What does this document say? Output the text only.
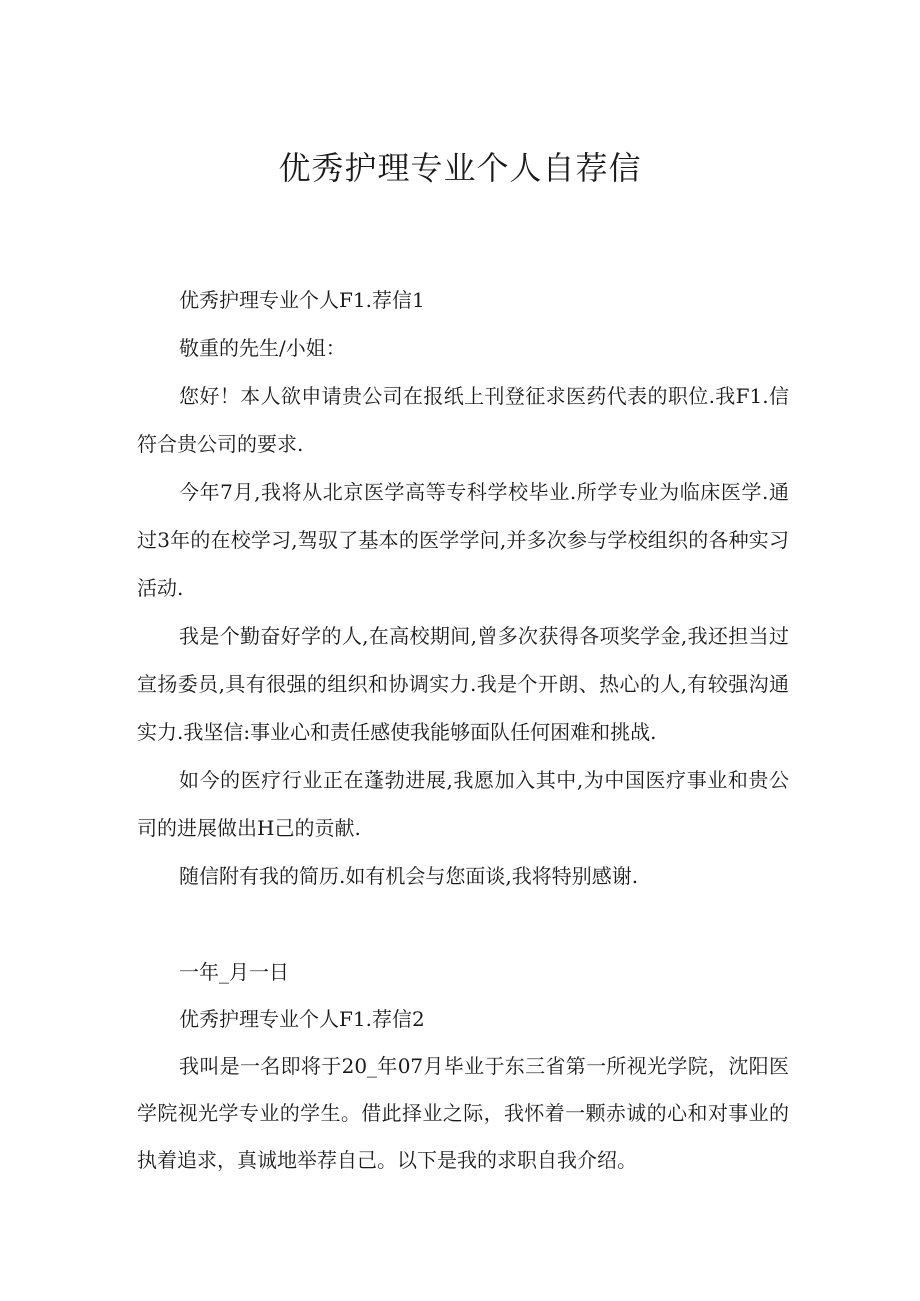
优秀护理专业个人自荐信

优秀护理专业个人F1.荐信1

敬重的先生/小姐：

您好！本人欲申请贵公司在报纸上刊登征求医药代表的职位.我F1.信符合贵公司的要求.

今年7月,我将从北京医学高等专科学校毕业.所学专业为临床医学.通过3年的在校学习,驾驭了基本的医学学问,并多次参与学校组织的各种实习活动.

我是个勤奋好学的人,在高校期间,曾多次获得各项奖学金,我还担当过宣扬委员,具有很强的组织和协调实力.我是个开朗、热心的人,有较强沟通实力.我坚信:事业心和责任感使我能够面队任何困难和挑战.

如今的医疗行业正在蓬勃进展,我愿加入其中,为中国医疗事业和贵公司的进展做出H己的贡献.

随信附有我的简历.如有机会与您面谈,我将特别感谢.

一年_月一日

优秀护理专业个人F1.荐信2

我叫是一名即将于20_年07月毕业于东三省第一所视光学院，沈阳医学院视光学专业的学生。借此择业之际，我怀着一颗赤诚的心和对事业的执着追求，真诚地举荐自己。以下是我的求职自我介绍。
